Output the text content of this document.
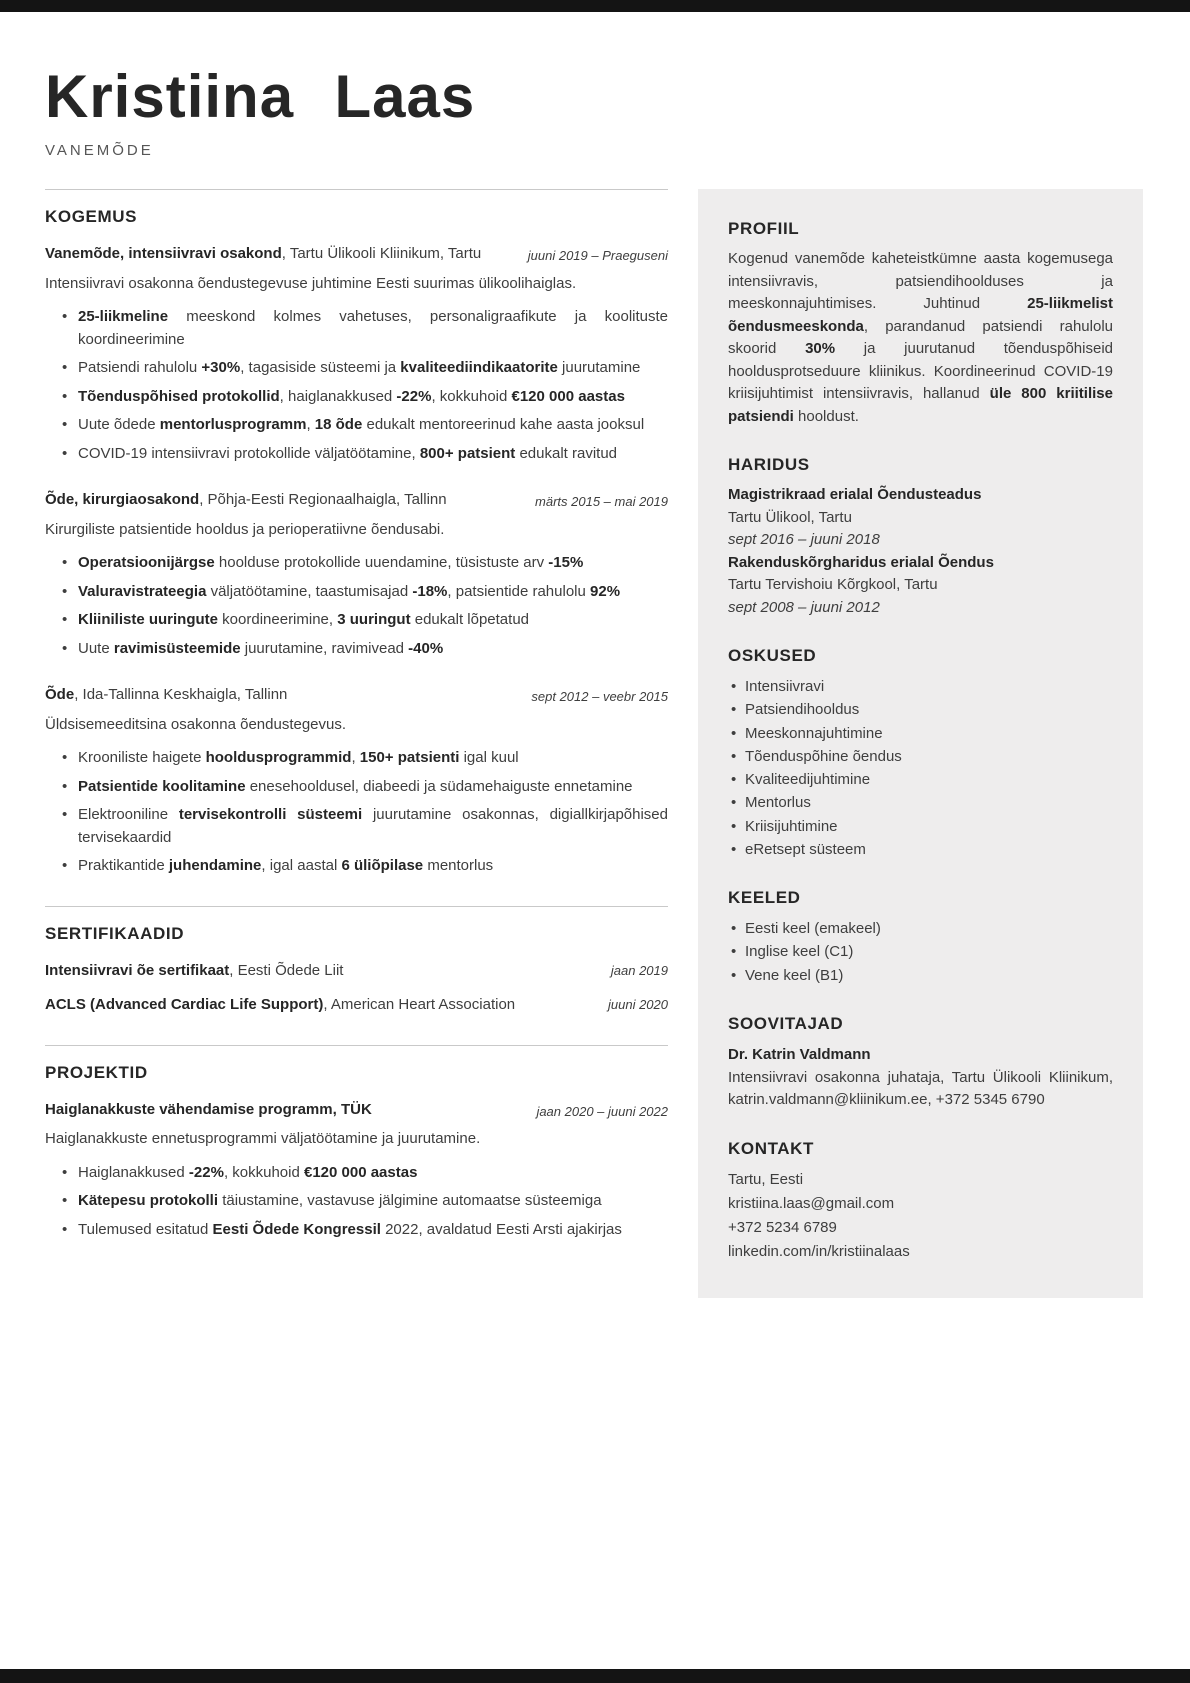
Kristiina Laas
VANEMÕDE
KOGEMUS
Vanemõde, intensiivravi osakond, Tartu Ülikooli Kliinikum, Tartu	juuni 2019 – Praeguseni
Intensiivravi osakonna õendustegevuse juhtimine Eesti suurimas ülikoolihaiglas.
• 25-liikmeline meeskond kolmes vahetuses, personaligraafikute ja koolituste koordineerimine
• Patsiendi rahulolu +30%, tagasiside süsteemi ja kvaliteediindikaatorite juurutamine
• Tõenduspõhised protokollid, haiglanakkused -22%, kokkuhoid €120 000 aastas
• Uute õdede mentorlusprogramm, 18 õde edukalt mentoreerinud kahe aasta jooksul
• COVID-19 intensiivravi protokollide väljatöötamine, 800+ patsient edukalt ravitud
Õde, kirurgiaosakond, Põhja-Eesti Regionaalhaigla, Tallinn	märts 2015 – mai 2019
Kirurgiliste patsientide hooldus ja perioperatiivne õendusabi.
• Operatsioonijärgse hoolduse protokollide uuendamine, tüsistuste arv -15%
• Valuravistrateegia väljatöötamine, taastumisajad -18%, patsientide rahulolu 92%
• Kliiniliste uuringute koordineerimine, 3 uuringut edukalt lõpetatud
• Uute ravimisüsteemide juurutamine, ravimivead -40%
Õde, Ida-Tallinna Keskhaigla, Tallinn	sept 2012 – veebr 2015
Üldsisemeeditsina osakonna õendustegevus.
• Krooniliste haigete hooldusprogrammid, 150+ patsienti igal kuul
• Patsientide koolitamine enesehooldusel, diabeedi ja südamehaiguste ennetamine
• Elektrooniline tervisekontrolli süsteemi juurutamine osakonnas, digiallkirjapõhised tervisekaardid
• Praktikantide juhendamine, igal aastal 6 üliõpilase mentorlus
SERTIFIKAADID
Intensiivravi õe sertifikaat, Eesti Õdede Liit	jaan 2019
ACLS (Advanced Cardiac Life Support), American Heart Association	juuni 2020
PROJEKTID
Haiglanakkuste vähendamise programm, TÜK	jaan 2020 – juuni 2022
Haiglanakkuste ennetusprogrammi väljatöötamine ja juurutamine.
• Haiglanakkused -22%, kokkuhoid €120 000 aastas
• Kätepesu protokolli täiustamine, vastavuse jälgimine automaatse süsteemiga
• Tulemused esitatud Eesti Õdede Kongressil 2022, avaldatud Eesti Arsti ajakirjas
PROFIIL
Kogenud vanemõde kaheteistkümne aasta kogemusega intensiivravis, patsiendihoolduses ja meeskonnajuhtimises. Juhtinud 25-liikmelist õendusmeeskonda, parandanud patsiendi rahulolu skoorid 30% ja juurutanud tõenduspõhiseid hooldusprotseduure kliinikus. Koordineerinud COVID-19 kriisijuhtimist intensiivravis, hallanud üle 800 kriitilise patsiendi hooldust.
HARIDUS
Magistrikraad erialal Õendusteadus
Tartu Ülikool, Tartu
sept 2016 – juuni 2018
Rakenduskõrgharidus erialal Õendus
Tartu Tervishoiu Kõrgkool, Tartu
sept 2008 – juuni 2012
OSKUSED
• Intensiivravi
• Patsiendihooldus
• Meeskonnajuhtimine
• Tõenduspõhine õendus
• Kvaliteedijuhtimine
• Mentorlus
• Kriisijuhtimine
• eRetsept süsteem
KEELED
• Eesti keel (emakeel)
• Inglise keel (C1)
• Vene keel (B1)
SOOVITAJAD
Dr. Katrin Valdmann
Intensiivravi osakonna juhataja, Tartu Ülikooli Kliinikum, katrin.valdmann@kliinikum.ee, +372 5345 6790
KONTAKT
Tartu, Eesti
kristiina.laas@gmail.com
+372 5234 6789
linkedin.com/in/kristiinalaas
